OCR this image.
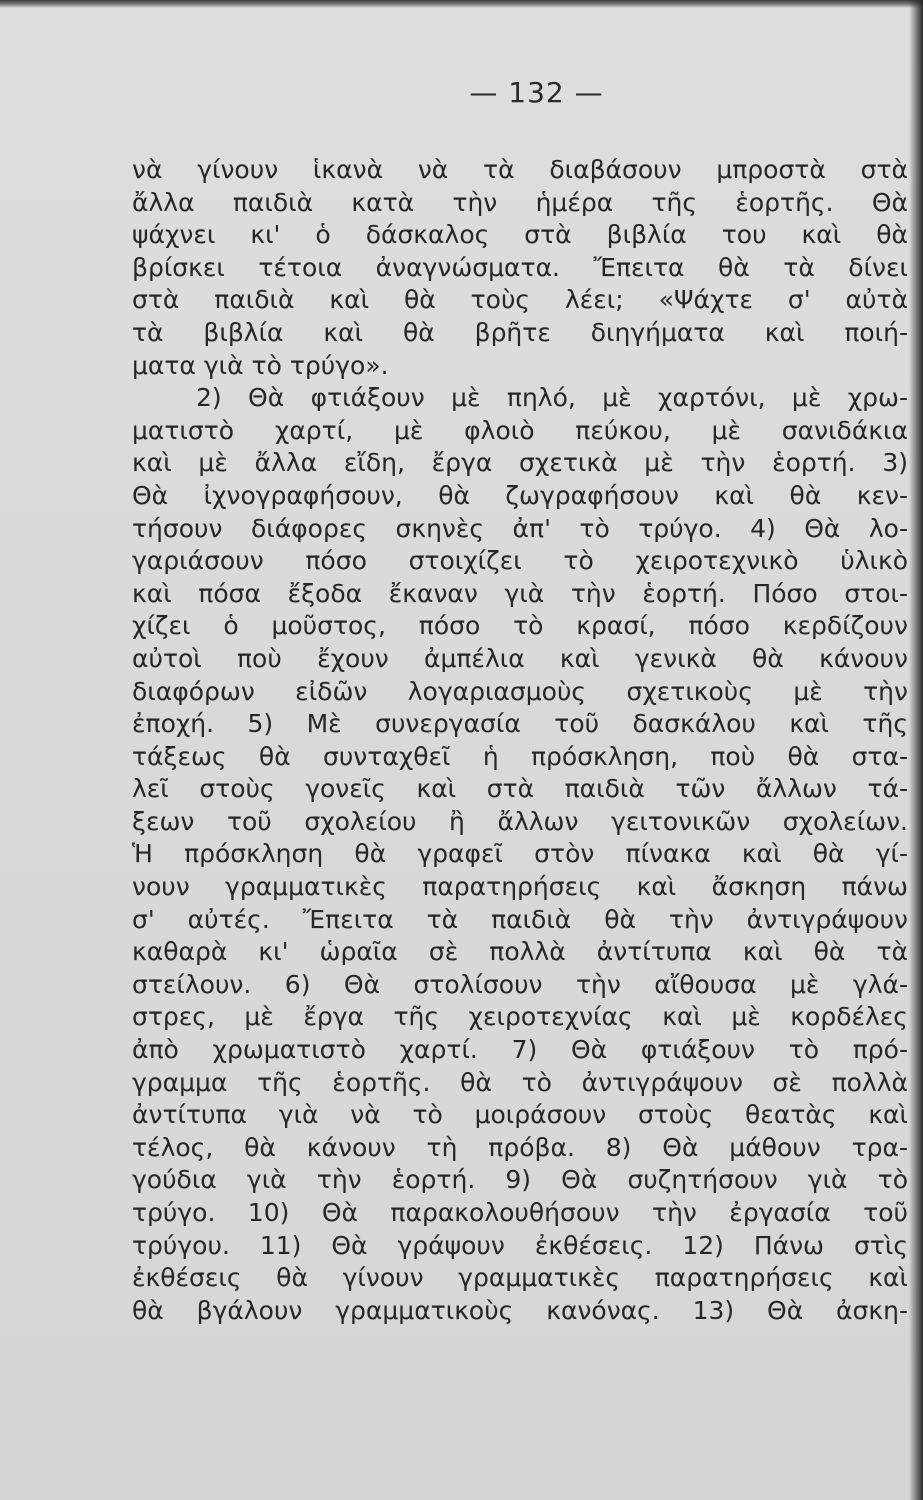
— 132 —
νὰ γίνουν ἱκανὰ νὰ τὰ διαβάσουν μπροστὰ στὰ
ἄλλα παιδιὰ κατὰ τὴν ἡμέρα τῆς ἑορτῆς. Θὰ
ψάχνει κι' ὁ δάσκαλος στὰ βιβλία του καὶ θὰ
βρίσκει τέτοια ἀναγνώσματα. Ἔπειτα θὰ τὰ δίνει
στὰ παιδιὰ καὶ θὰ τοὺς λέει; «Ψάχτε σ' αὐτὰ
τὰ βιβλία καὶ θὰ βρῆτε διηγήματα καὶ ποιή-
ματα γιὰ τὸ τρύγο».
2) Θὰ φτιάξουν μὲ πηλό, μὲ χαρτόνι, μὲ χρω-
ματιστὸ χαρτί, μὲ φλοιὸ πεύκου, μὲ σανιδάκια
καὶ μὲ ἄλλα εἴδη, ἔργα σχετικὰ μὲ τὴν ἑορτή. 3)
Θὰ ἰχνογραφήσουν, θὰ ζωγραφήσουν καὶ θὰ κεν-
τήσουν διάφορες σκηνὲς ἀπ' τὸ τρύγο. 4) Θὰ λο-
γαριάσουν πόσο στοιχίζει τὸ χειροτεχνικὸ ὑλικὸ
καὶ πόσα ἔξοδα ἔκαναν γιὰ τὴν ἑορτή. Πόσο στοι-
χίζει ὁ μοῦστος, πόσο τὸ κρασί, πόσο κερδίζουν
αὐτοὶ ποὺ ἔχουν ἀμπέλια καὶ γενικὰ θὰ κάνουν
διαφόρων εἰδῶν λογαριασμοὺς σχετικοὺς μὲ τὴν
ἐποχή. 5) Μὲ συνεργασία τοῦ δασκάλου καὶ τῆς
τάξεως θὰ συνταχθεῖ ἡ πρόσκληση, ποὺ θὰ στα-
λεῖ στοὺς γονεῖς καὶ στὰ παιδιὰ τῶν ἄλλων τά-
ξεων τοῦ σχολείου ἢ ἄλλων γειτονικῶν σχολείων.
Ἡ πρόσκληση θὰ γραφεῖ στὸν πίνακα καὶ θὰ γί-
νουν γραμματικὲς παρατηρήσεις καὶ ἄσκηση πάνω
σ' αὐτές. Ἔπειτα τὰ παιδιὰ θὰ τὴν ἀντιγράψουν
καθαρὰ κι' ὡραῖα σὲ πολλὰ ἀντίτυπα καὶ θὰ τὰ
στείλουν. 6) Θὰ στολίσουν τὴν αἴθουσα μὲ γλά-
στρες, μὲ ἔργα τῆς χειροτεχνίας καὶ μὲ κορδέλες
ἀπὸ χρωματιστὸ χαρτί. 7) Θὰ φτιάξουν τὸ πρό-
γραμμα τῆς ἑορτῆς. θὰ τὸ ἀντιγράψουν σὲ πολλὰ
ἀντίτυπα γιὰ νὰ τὸ μοιράσουν στοὺς θεατὰς καὶ
τέλος, θὰ κάνουν τὴ πρόβα. 8) Θὰ μάθουν τρα-
γούδια γιὰ τὴν ἑορτή. 9) Θὰ συζητήσουν γιὰ τὸ
τρύγο. 10) Θὰ παρακολουθήσουν τὴν ἐργασία τοῦ
τρύγου. 11) Θὰ γράψουν ἐκθέσεις. 12) Πάνω στὶς
ἐκθέσεις θὰ γίνουν γραμματικὲς παρατηρήσεις καὶ
θὰ βγάλουν γραμματικοὺς κανόνας. 13) Θὰ ἀσκη-
